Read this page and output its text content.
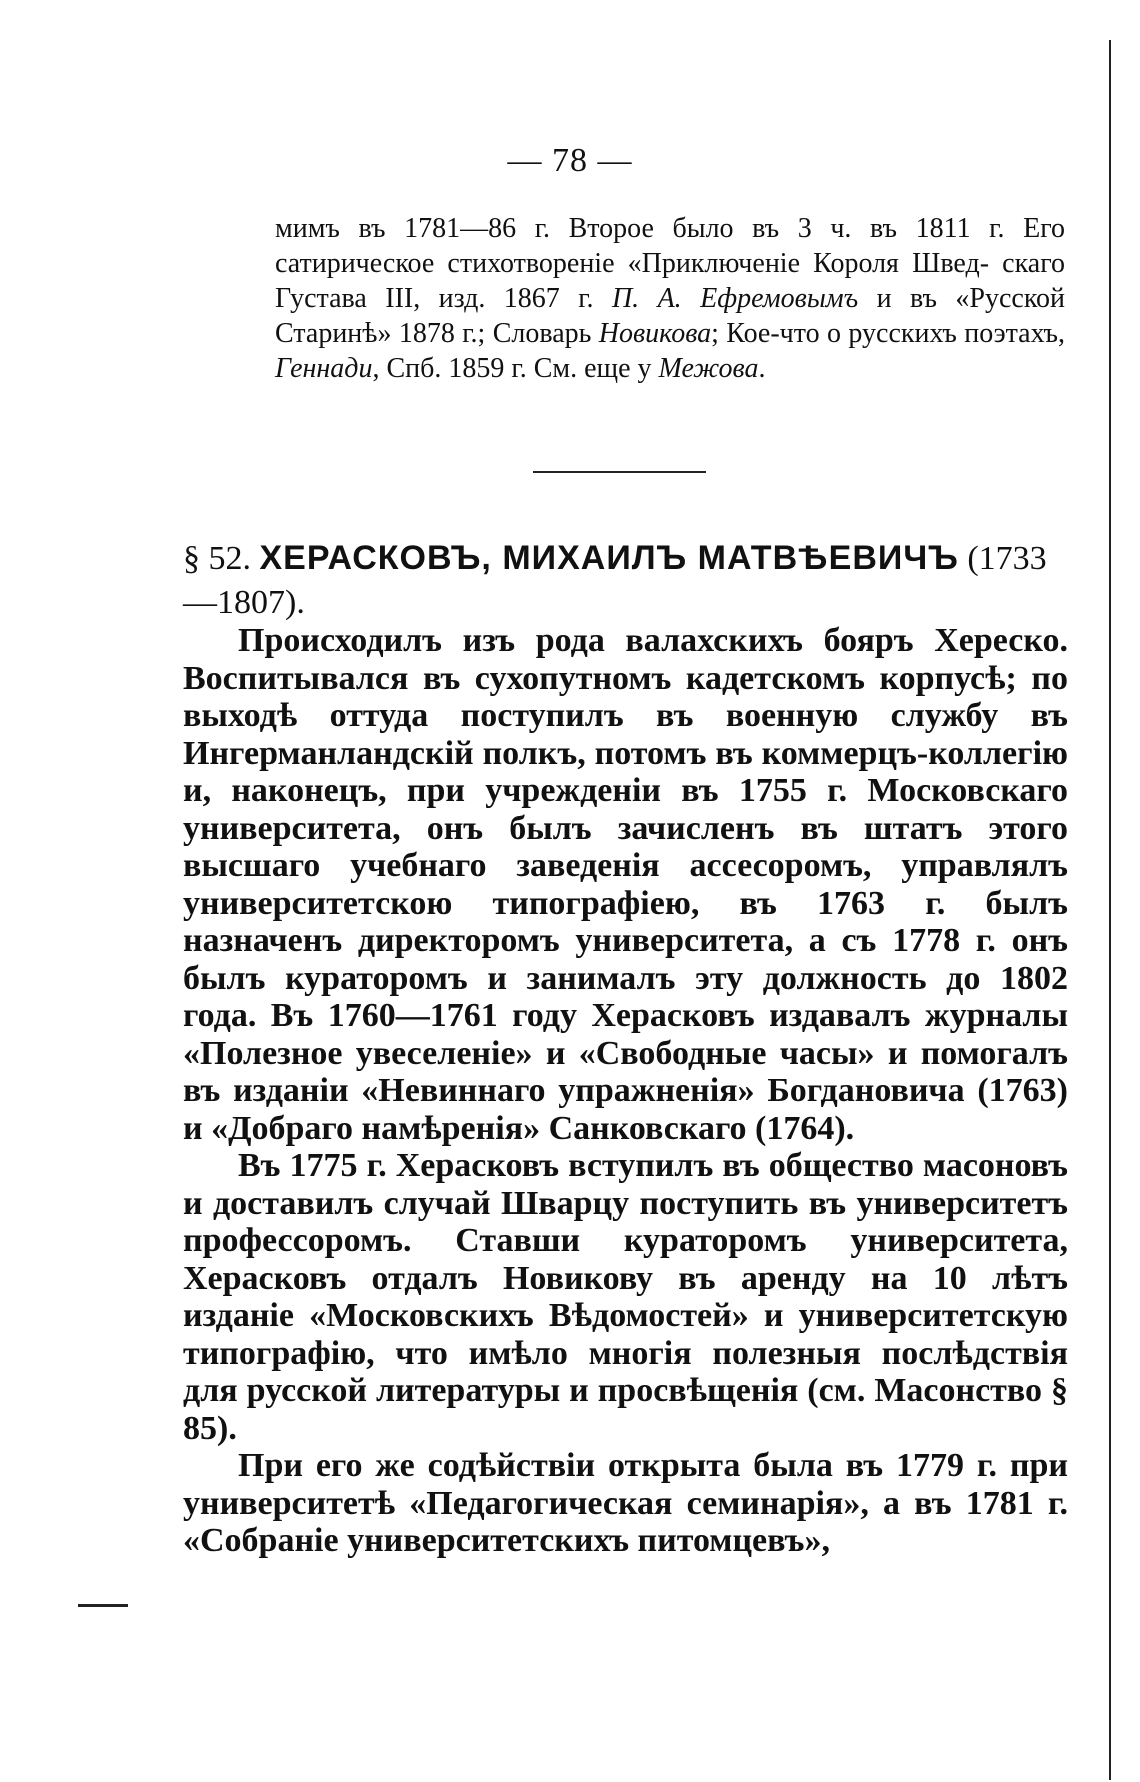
— 78 —

мимъ въ 1781—86 г. Второе было въ 3 ч. въ 1811 г. Его сатирическое стихотвореніе «Приключеніе Короля Швед- скаго Густава III, изд. 1867 г. П. А. Ефремовымъ и въ «Русской Старинѣ» 1878 г.; Словарь Новикова; Кое-что о русскихъ поэтахъ, Геннади, Спб. 1859 г. См. еще у Межова.

§ 52. ХЕРАСКОВЪ, МИХАИЛЪ МАТВѢЕВИЧЪ (1733—1807).

Происходилъ изъ рода валахскихъ бояръ Хереско. Воспитывался въ сухопутномъ кадетскомъ корпусѣ; по выходѣ оттуда поступилъ въ военную службу въ Ингерманландскій полкъ, потомъ въ коммерцъ-коллегію и, наконецъ, при учрежденіи въ 1755 г. Московскаго университета, онъ былъ зачисленъ въ штатъ этого высшаго учебнаго заведенія ассесоромъ, управлялъ университетскою типографіею, въ 1763 г. былъ назначенъ директоромъ университета, а съ 1778 г. онъ былъ кураторомъ и занималъ эту должность до 1802 года. Въ 1760—1761 году Херасковъ издавалъ журналы «Полезное увеселеніе» и «Свободные часы» и помогалъ въ изданіи «Невиннаго упражненія» Богдановича (1763) и «Добраго намѣренія» Санковскаго (1764).

Въ 1775 г. Херасковъ вступилъ въ общество масоновъ и доставилъ случай Шварцу поступить въ университетъ профессоромъ. Ставши кураторомъ университета, Херасковъ отдалъ Новикову въ аренду на 10 лѣтъ изданіе «Московскихъ Вѣдомостей» и университетскую типографію, что имѣло многія полезныя послѣдствія для русской литературы и просвѣщенія (см. Масонство § 85).

При его же содѣйствіи открыта была въ 1779 г. при университетѣ «Педагогическая семинарія», а въ 1781 г. «Собраніе университетскихъ питомцевъ»,
